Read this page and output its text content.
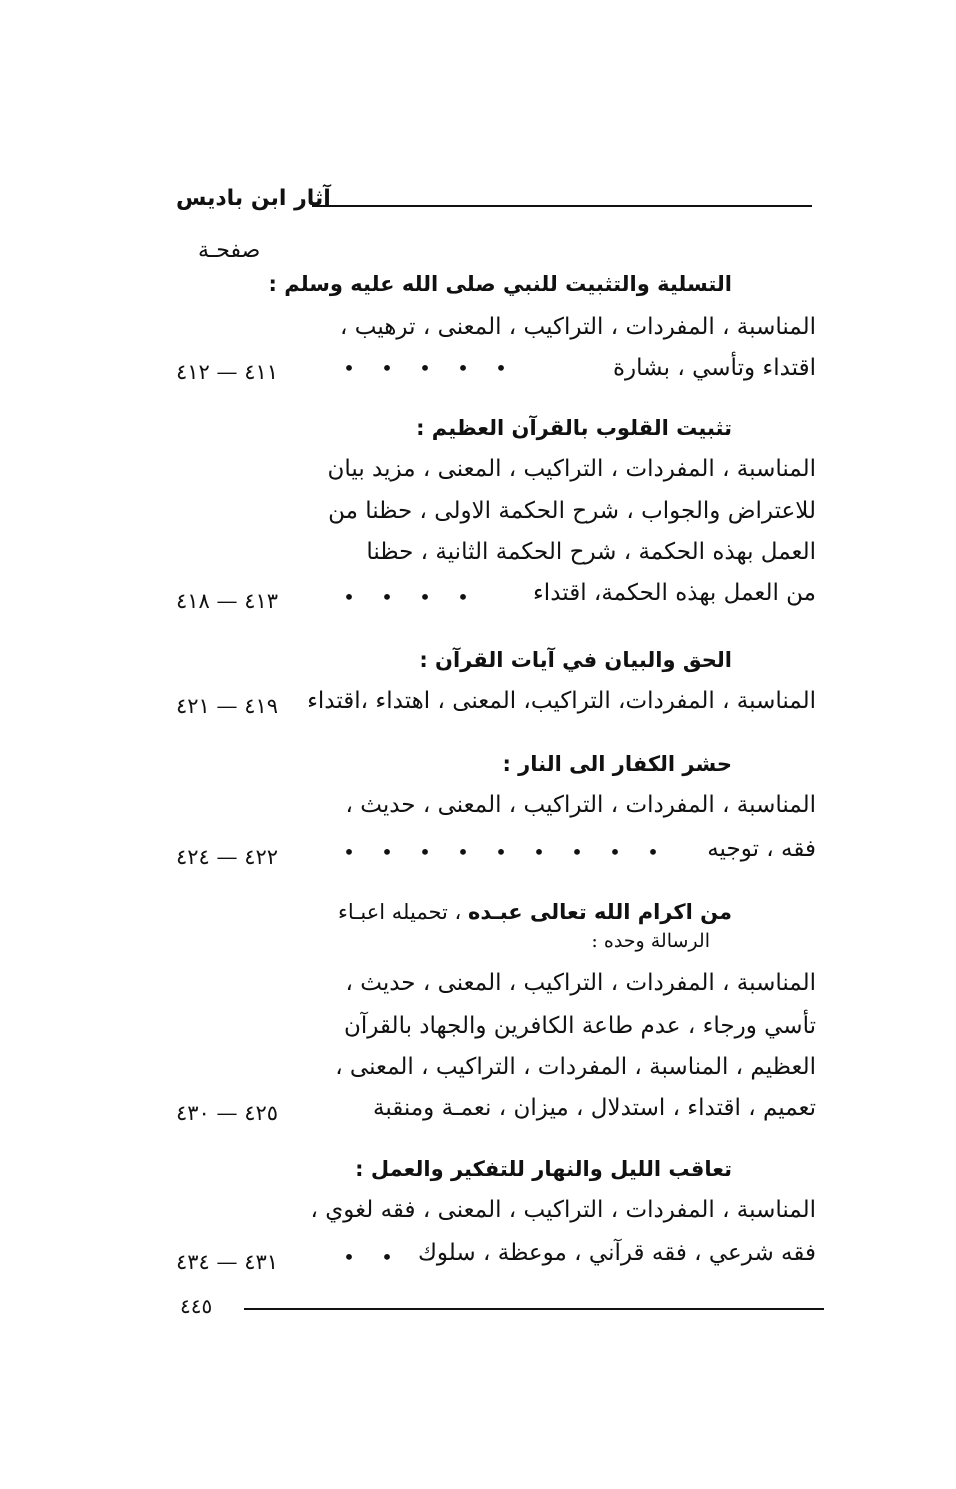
آثار ابن باديس
صفحـة
التسلية والتثبيت للنبي صلى الله عليه وسلم :
المناسبة ، المفردات ، التراكيب ، المعنى ، ترهيب ،
اقتداء وتأسي ، بشارة
• • • • •
٤١١ — ٤١٢
تثبيت القلوب بالقرآن العظيم :
المناسبة ، المفردات ، التراكيب ، المعنى ، مزيد بيان
للاعتراض والجواب ، شرح الحكمة الاولى ، حظنا من
العمل بهذه الحكمة ، شرح الحكمة الثانية ، حظنا
من العمل بهذه الحكمة، اقتداء
• • • •
٤١٣ — ٤١٨
الحق والبيان في آيات القرآن :
المناسبة ، المفردات، التراكيب، المعنى ، اهتداء ،اقتداء
٤١٩ — ٤٢١
حشر الكفار الى النار :
المناسبة ، المفردات ، التراكيب ، المعنى ، حديث ،
فقه ، توجيه
• • • • • • • • •
٤٢٢ — ٤٢٤
من اكرام الله تعالى عبـده ، تحميله اعبـاء
الرسالة وحده :
المناسبة ، المفردات ، التراكيب ، المعنى ، حديث ،
تأسي ورجاء ، عدم طاعة الكافرين والجهاد بالقرآن
العظيم ، المناسبة ، المفردات ، التراكيب ، المعنى ،
تعميم ، اقتداء ، استدلال ، ميزان ، نعمـة ومنقبة
٤٢٥ — ٤٣٠
تعاقب الليل والنهار للتفكير والعمل :
المناسبة ، المفردات ، التراكيب ، المعنى ، فقه لغوي ،
فقه شرعي ، فقه قرآني ، موعظة ، سلوك
• •
٤٣١ — ٤٣٤
٤٤٥
